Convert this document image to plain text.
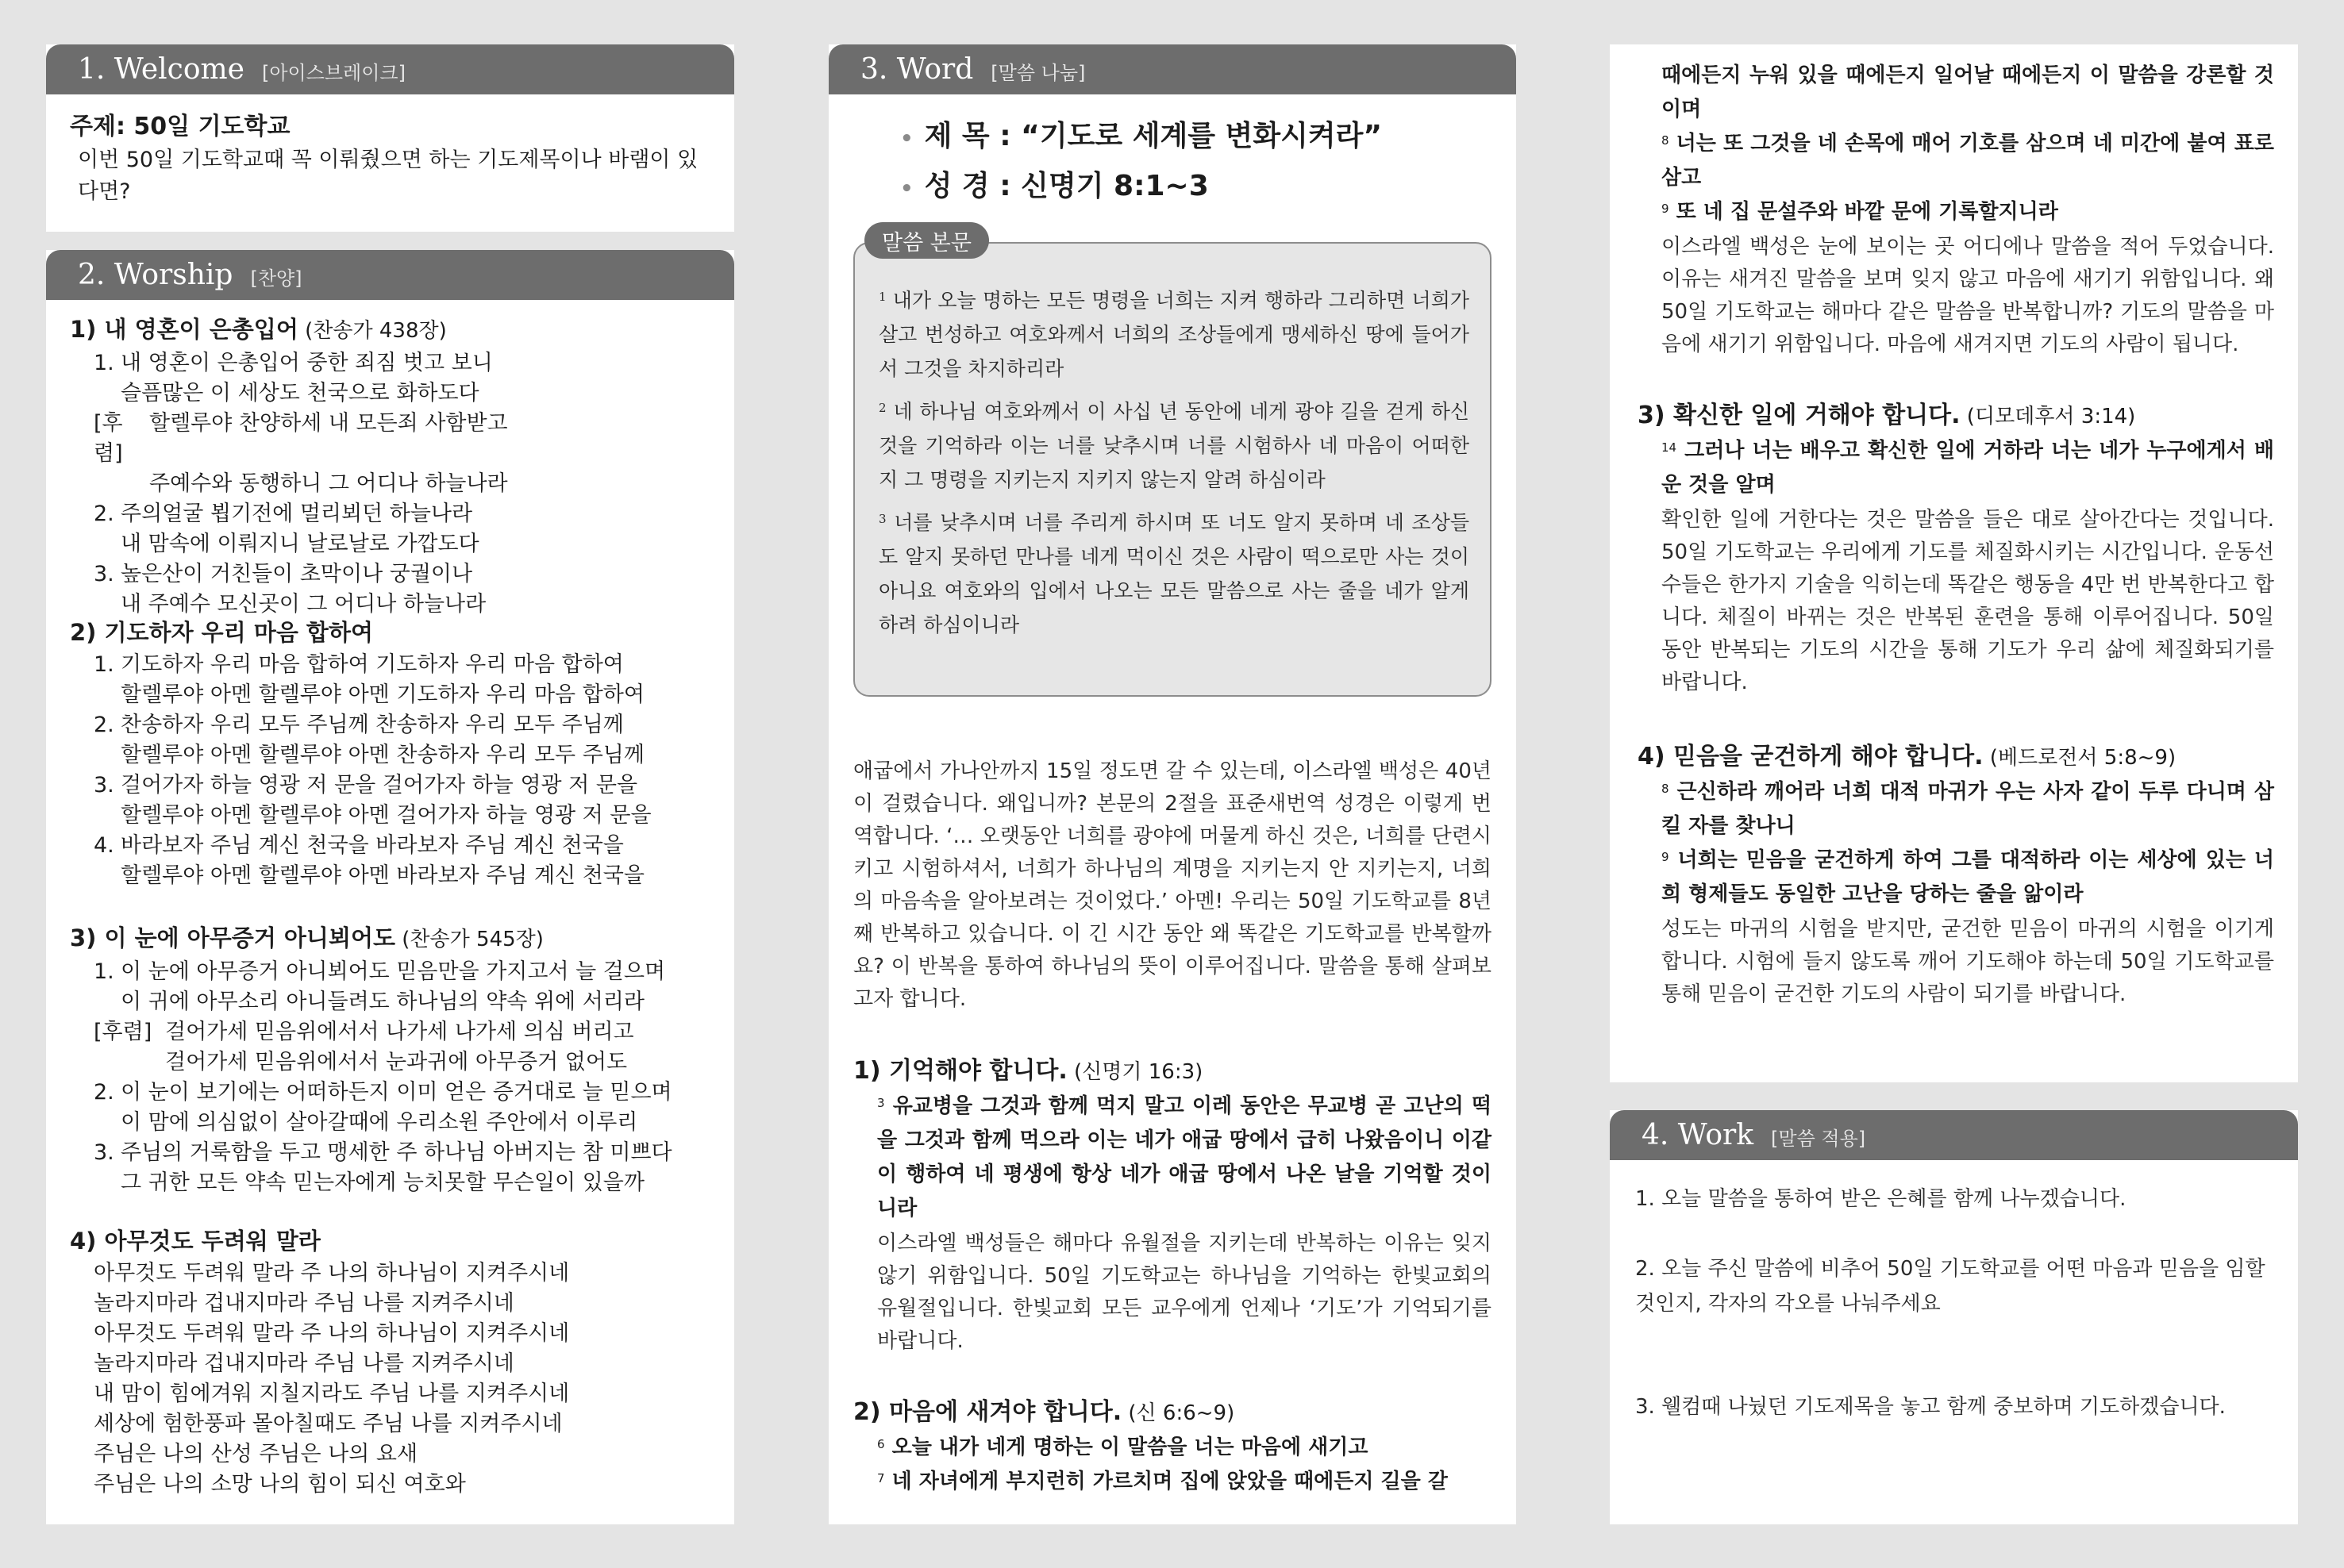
1. Welcome [아이스브레이크]
주제: 50일 기도학교
이번 50일 기도학교때 꼭 이뤄줬으면 하는 기도제목이나 바램이 있다면?
2. Worship [찬양]
1) 내 영혼이 은총입어 (찬송가 438장)
1. 내 영혼이 은총입어 중한 죄짐 벗고 보니
슬픔많은 이 세상도 천국으로 화하도다
[후렴]
할렐루야 찬양하세 내 모든죄 사함받고
주예수와 동행하니 그 어디나 하늘나라
2. 주의얼굴 뵙기전에 멀리뵈던 하늘나라
내 맘속에 이뤄지니 날로날로 가깝도다
3. 높은산이 거친들이 초막이나 궁궐이나
내 주예수 모신곳이 그 어디나 하늘나라
2) 기도하자 우리 마음 합하여
1. 기도하자 우리 마음 합하여 기도하자 우리 마음 합하여
할렐루야 아멘 할렐루야 아멘 기도하자 우리 마음 합하여
2. 찬송하자 우리 모두 주님께 찬송하자 우리 모두 주님께
할렐루야 아멘 할렐루야 아멘 찬송하자 우리 모두 주님께
3. 걸어가자 하늘 영광 저 문을 걸어가자 하늘 영광 저 문을
할렐루야 아멘 할렐루야 아멘 걸어가자 하늘 영광 저 문을
4. 바라보자 주님 계신 천국을 바라보자 주님 계신 천국을
할렐루야 아멘 할렐루야 아멘 바라보자 주님 계신 천국을
3) 이 눈에 아무증거 아니뵈어도 (찬송가 545장)
1. 이 눈에 아무증거 아니뵈어도 믿음만을 가지고서 늘 걸으며
이 귀에 아무소리 아니들려도 하나님의 약속 위에 서리라
[후렴] 걸어가세 믿음위에서서 나가세 나가세 의심 버리고
걸어가세 믿음위에서서 눈과귀에 아무증거 없어도
2. 이 눈이 보기에는 어떠하든지 이미 얻은 증거대로 늘 믿으며
이 맘에 의심없이 살아갈때에 우리소원 주안에서 이루리
3. 주님의 거룩함을 두고 맹세한 주 하나님 아버지는 참 미쁘다
그 귀한 모든 약속 믿는자에게 능치못할 무슨일이 있을까
4) 아무것도 두려워 말라
아무것도 두려워 말라 주 나의 하나님이 지켜주시네
놀라지마라 겁내지마라 주님 나를 지켜주시네
아무것도 두려워 말라 주 나의 하나님이 지켜주시네
놀라지마라 겁내지마라 주님 나를 지켜주시네
내 맘이 힘에겨워 지칠지라도 주님 나를 지켜주시네
세상에 험한풍파 몰아칠때도 주님 나를 지켜주시네
주님은 나의 산성 주님은 나의 요새
주님은 나의 소망 나의 힘이 되신 여호와
3. Word [말씀 나눔]
• 제 목 : “기도로 세계를 변화시켜라”
• 성 경 : 신명기 8:1~3

$^1$ 내가 오늘 명하는 모든 명령을 너희는 지켜 행하라 그리하면 너희가 살고 번성하고 여호와께서 너희의 조상들에게 맹세하신 땅에 들어가서 그것을 차지하리라

$^2$ 네 하나님 여호와께서 이 사십 년 동안에 네게 광야 길을 걷게 하신 것을 기억하라 이는 너를 낮추시며 너를 시험하사 네 마음이 어떠한지 그 명령을 지키는지 지키지 않는지 알려 하심이라

$^3$ 너를 낮추시며 너를 주리게 하시며 또 너도 알지 못하며 네 조상들도 알지 못하던 만나를 네게 먹이신 것은 사람이 떡으로만 사는 것이 아니요 여호와의 입에서 나오는 모든 말씀으로 사는 줄을 네가 알게 하려 하심이니라

말씀 본문
애굽에서 가나안까지 15일 정도면 갈 수 있는데, 이스라엘 백성은 40년이 걸렸습니다. 왜입니까? 본문의 2절을 표준새번역 성경은 이렇게 번역합니다. ‘… 오랫동안 너희를 광야에 머물게 하신 것은, 너희를 단련시키고 시험하셔서, 너희가 하나님의 계명을 지키는지 안 지키는지, 너희의 마음속을 알아보려는 것이었다.’ 아멘! 우리는 50일 기도학교를 8년째 반복하고 있습니다. 이 긴 시간 동안 왜 똑같은 기도학교를 반복할까요? 이 반복을 통하여 하나님의 뜻이 이루어집니다. 말씀을 통해 살펴보고자 합니다.
1) 기억해야 합니다. (신명기 16:3)

$^3$ 유교병을 그것과 함께 먹지 말고 이레 동안은 무교병 곧 고난의 떡을 그것과 함께 먹으라 이는 네가 애굽 땅에서 급히 나왔음이니 이같이 행하여 네 평생에 항상 네가 애굽 땅에서 나온 날을 기억할 것이니라

이스라엘 백성들은 해마다 유월절을 지키는데 반복하는 이유는 잊지 않기 위함입니다. 50일 기도학교는 하나님을 기억하는 한빛교회의 유월절입니다. 한빛교회 모든 교우에게 언제나 ‘기도’가 기억되기를 바랍니다.
2) 마음에 새겨야 합니다. (신 6:6~9)

$^6$ 오늘 내가 네게 명하는 이 말씀을 너는 마음에 새기고

$^7$ 네 자녀에게 부지런히 가르치며 집에 앉았을 때에든지 길을 갈

때에든지 누워 있을 때에든지 일어날 때에든지 이 말씀을 강론할 것이며

$^8$ 너는 또 그것을 네 손목에 매어 기호를 삼으며 네 미간에 붙여 표로 삼고

$^9$ 또 네 집 문설주와 바깥 문에 기록할지니라

이스라엘 백성은 눈에 보이는 곳 어디에나 말씀을 적어 두었습니다. 이유는 새겨진 말씀을 보며 잊지 않고 마음에 새기기 위함입니다. 왜 50일 기도학교는 해마다 같은 말씀을 반복합니까? 기도의 말씀을 마음에 새기기 위함입니다. 마음에 새겨지면 기도의 사람이 됩니다.
3) 확신한 일에 거해야 합니다. (디모데후서 3:14)

$^{14}$ 그러나 너는 배우고 확신한 일에 거하라 너는 네가 누구에게서 배운 것을 알며

확인한 일에 거한다는 것은 말씀을 들은 대로 살아간다는 것입니다. 50일 기도학교는 우리에게 기도를 체질화시키는 시간입니다. 운동선수들은 한가지 기술을 익히는데 똑같은 행동을 4만 번 반복한다고 합니다. 체질이 바뀌는 것은 반복된 훈련을 통해 이루어집니다. 50일 동안 반복되는 기도의 시간을 통해 기도가 우리 삶에 체질화되기를 바랍니다.
4) 믿음을 굳건하게 해야 합니다. (베드로전서 5:8~9)

$^8$ 근신하라 깨어라 너희 대적 마귀가 우는 사자 같이 두루 다니며 삼킬 자를 찾나니

$^9$ 너희는 믿음을 굳건하게 하여 그를 대적하라 이는 세상에 있는 너희 형제들도 동일한 고난을 당하는 줄을 앎이라

성도는 마귀의 시험을 받지만, 굳건한 믿음이 마귀의 시험을 이기게 합니다. 시험에 들지 않도록 깨어 기도해야 하는데 50일 기도학교를 통해 믿음이 굳건한 기도의 사람이 되기를 바랍니다.
4. Work [말씀 적용]
1. 오늘 말씀을 통하여 받은 은혜를 함께 나누겠습니다.
2. 오늘 주신 말씀에 비추어 50일 기도학교를 어떤 마음과 믿음을 임할것인지, 각자의 각오를 나눠주세요
3. 웰컴때 나눴던 기도제목을 놓고 함께 중보하며 기도하겠습니다.
